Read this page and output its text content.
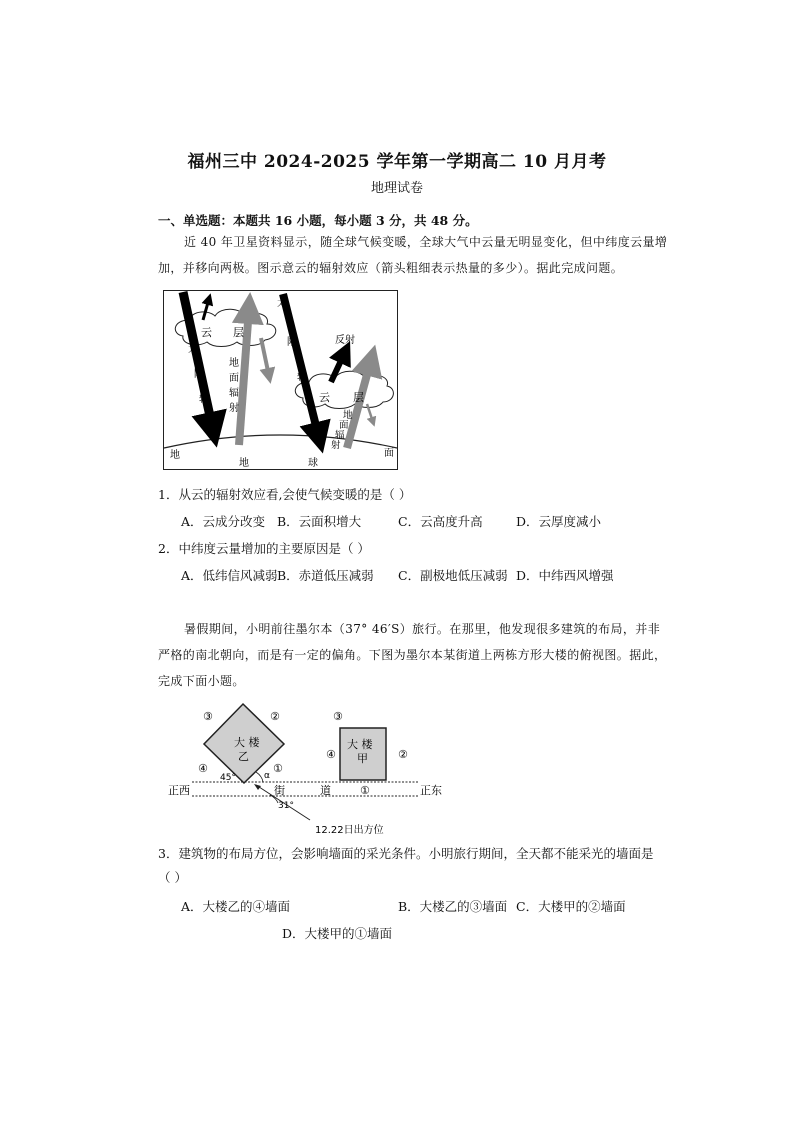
福州三中 2024-2025 学年第一学期高二 10 月月考
地理试卷
一、单选题：本题共 16 小题，每小题 3 分，共 48 分。
近 40 年卫星资料显示，随全球气候变暖，全球大气中云量无明显变化，但中纬度云量增
加，并移向两极。图示意云的辐射效应（箭头粗细表示热量的多少）。据此完成问题。
云 层
云 层
太
太
阳
辐
射
地
面
辐
射
阳
辐
射
反射
地
面
辐
射
地
地	球
面
1．从云的辐射效应看,会使气候变暖的是（ ）
A．云成分改变 B．云面积增大	C．云高度升高	D．云厚度减小
2．中纬度云量增加的主要原因是（ ）
A．低纬信风减弱 B．赤道低压减弱 C．副极地低压减弱 D．中纬西风增强
暑假期间，小明前往墨尔本（37° 46′S）旅行。在那里，他发现很多建筑的布局，并非
严格的南北朝向，而是有一定的偏角。下图为墨尔本某街道上两栋方形大楼的俯视图。据此，
完成下面小题。
大 楼
乙
③	②
④	①
45°	α
大 楼
甲
③
②
④
①
正西	正东
街	道
31°
12.22日出方位
3．建筑物的布局方位，会影响墙面的采光条件。小明旅行期间，全天都不能采光的墙面是
（ ）
A．大楼乙的④墙面	B．大楼乙的③墙面 C．大楼甲的②墙面
D．大楼甲的①墙面
